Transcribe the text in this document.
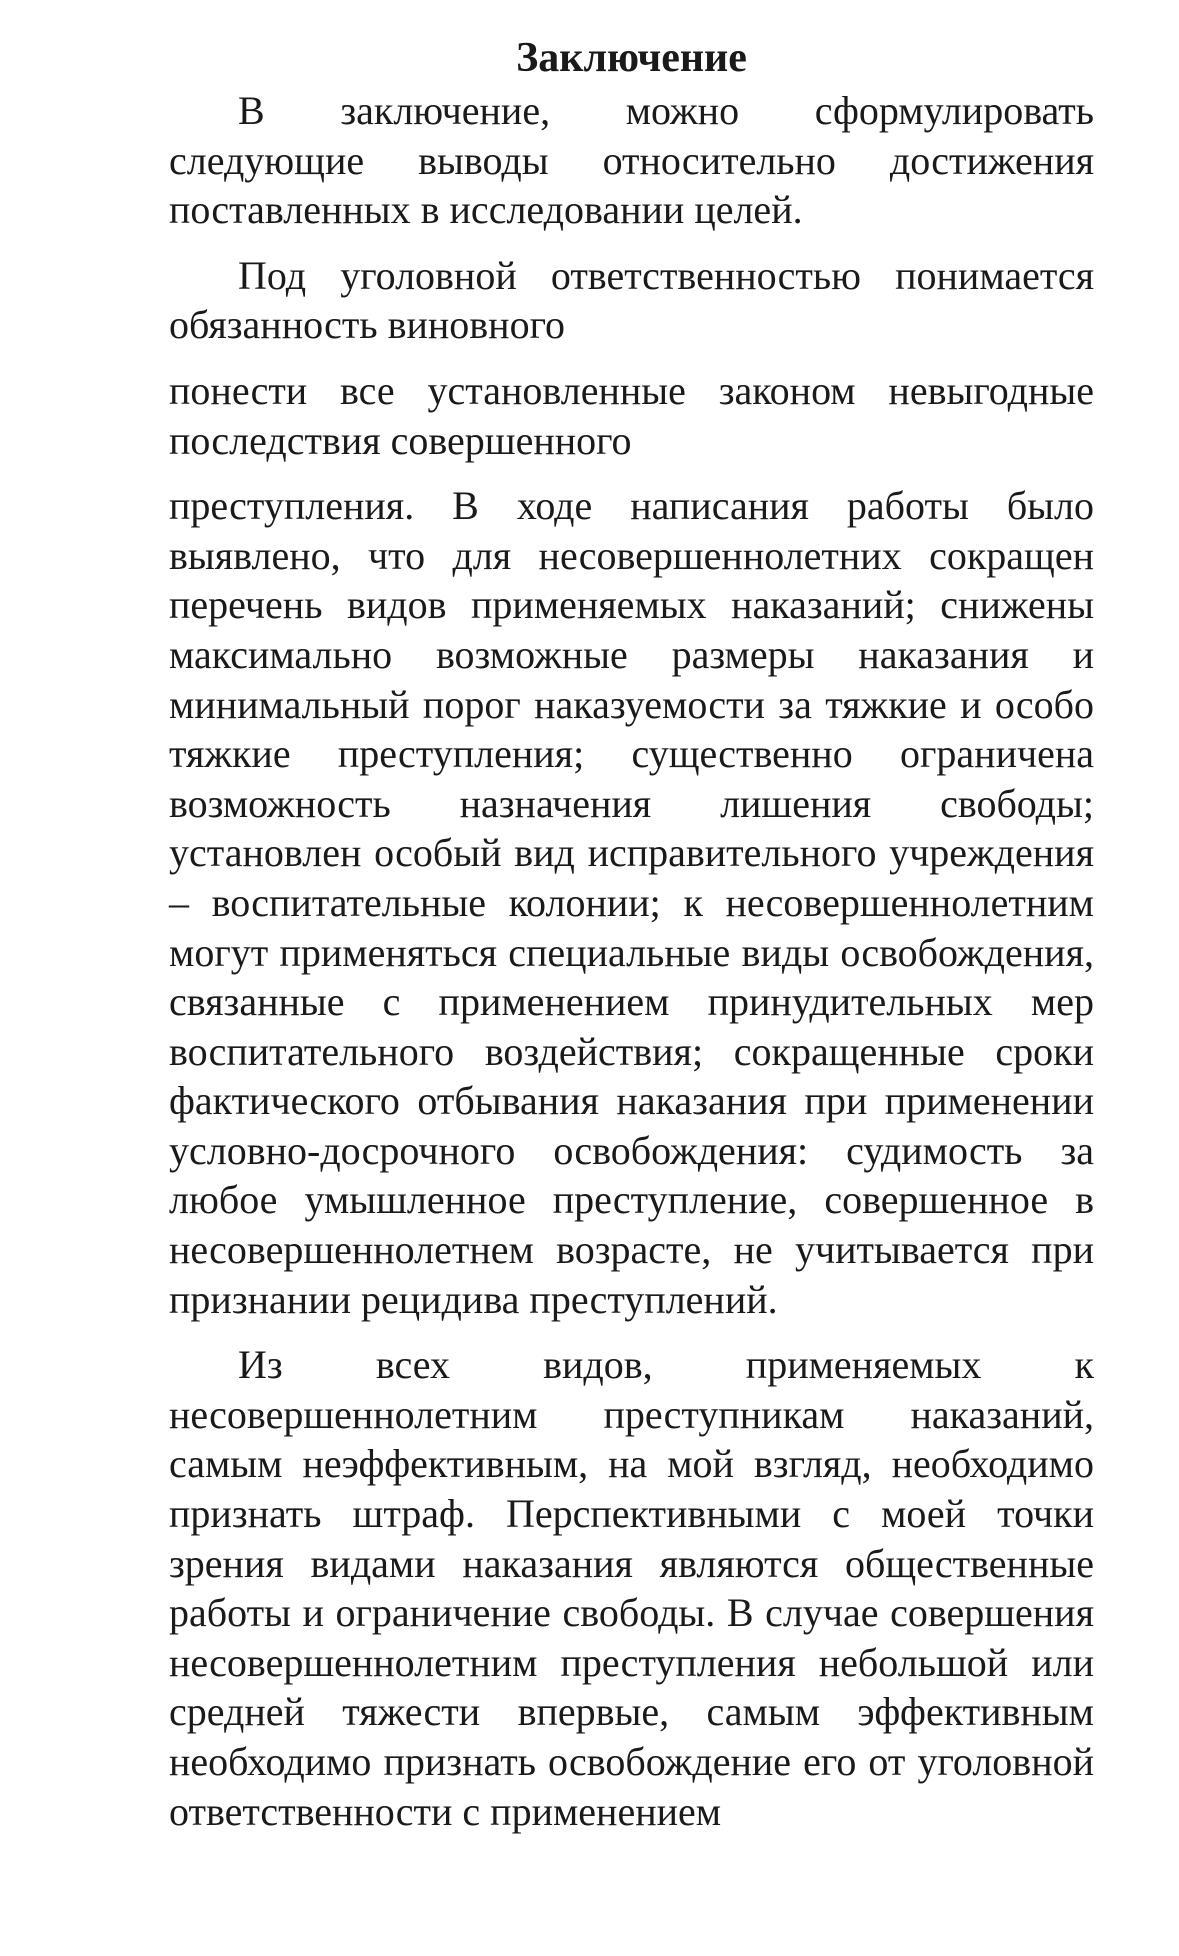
Заключение

В заключение, можно сформулировать следующие выводы относительно достижения поставленных в исследовании целей.

Под уголовной ответственностью понимается обязанность виновного

понести все установленные законом невыгодные последствия совершенного

преступления. В ходе написания работы было выявлено, что для несовершеннолетних сокращен перечень видов применяемых наказаний; снижены максимально возможные размеры наказания и минимальный порог наказуемости за тяжкие и особо тяжкие преступления; существенно ограничена возможность назначения лишения свободы; установлен особый вид исправительного учреждения – воспитательные колонии; к несовершеннолетним могут применяться специальные виды освобождения, связанные с применением принудительных мер воспитательного воздействия; сокращенные сроки фактического отбывания наказания при применении условно-досрочного освобождения: судимость за любое умышленное преступление, совершенное в несовершеннолетнем возрасте, не учитывается при признании рецидива преступлений.

Из всех видов, применяемых к несовершеннолетним преступникам наказаний, самым неэффективным, на мой взгляд, необходимо признать штраф. Перспективными с моей точки зрения видами наказания являются общественные работы и ограничение свободы. В случае совершения несовершеннолетним преступления небольшой или средней тяжести впервые, самым эффективным необходимо признать освобождение его от уголовной ответственности с применением
